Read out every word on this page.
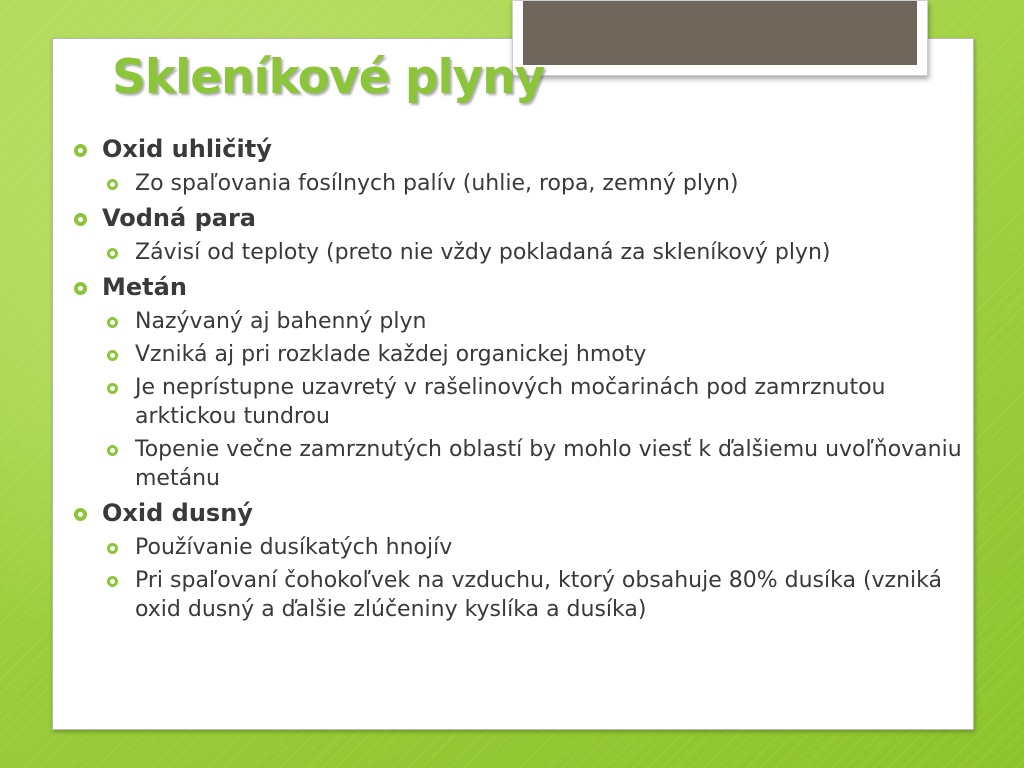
Skleníkové plyny
Oxid uhličitý
Zo spaľovania fosílnych palív (uhlie, ropa, zemný plyn)
Vodná para
Závisí od teploty (preto nie vždy pokladaná za skleníkový plyn)
Metán
Nazývaný aj bahenný plyn
Vzniká aj pri rozklade každej organickej hmoty
Je neprístupne uzavretý v rašelinových močarinách pod zamrznutou arktickou tundrou
Topenie večne zamrznutých oblastí by mohlo viesť k ďalšiemu uvoľňovaniu metánu
Oxid dusný
Používanie dusíkatých hnojív
Pri spaľovaní čohokoľvek na vzduchu, ktorý obsahuje 80% dusíka (vzniká oxid dusný a ďalšie zlúčeniny kyslíka a dusíka)
